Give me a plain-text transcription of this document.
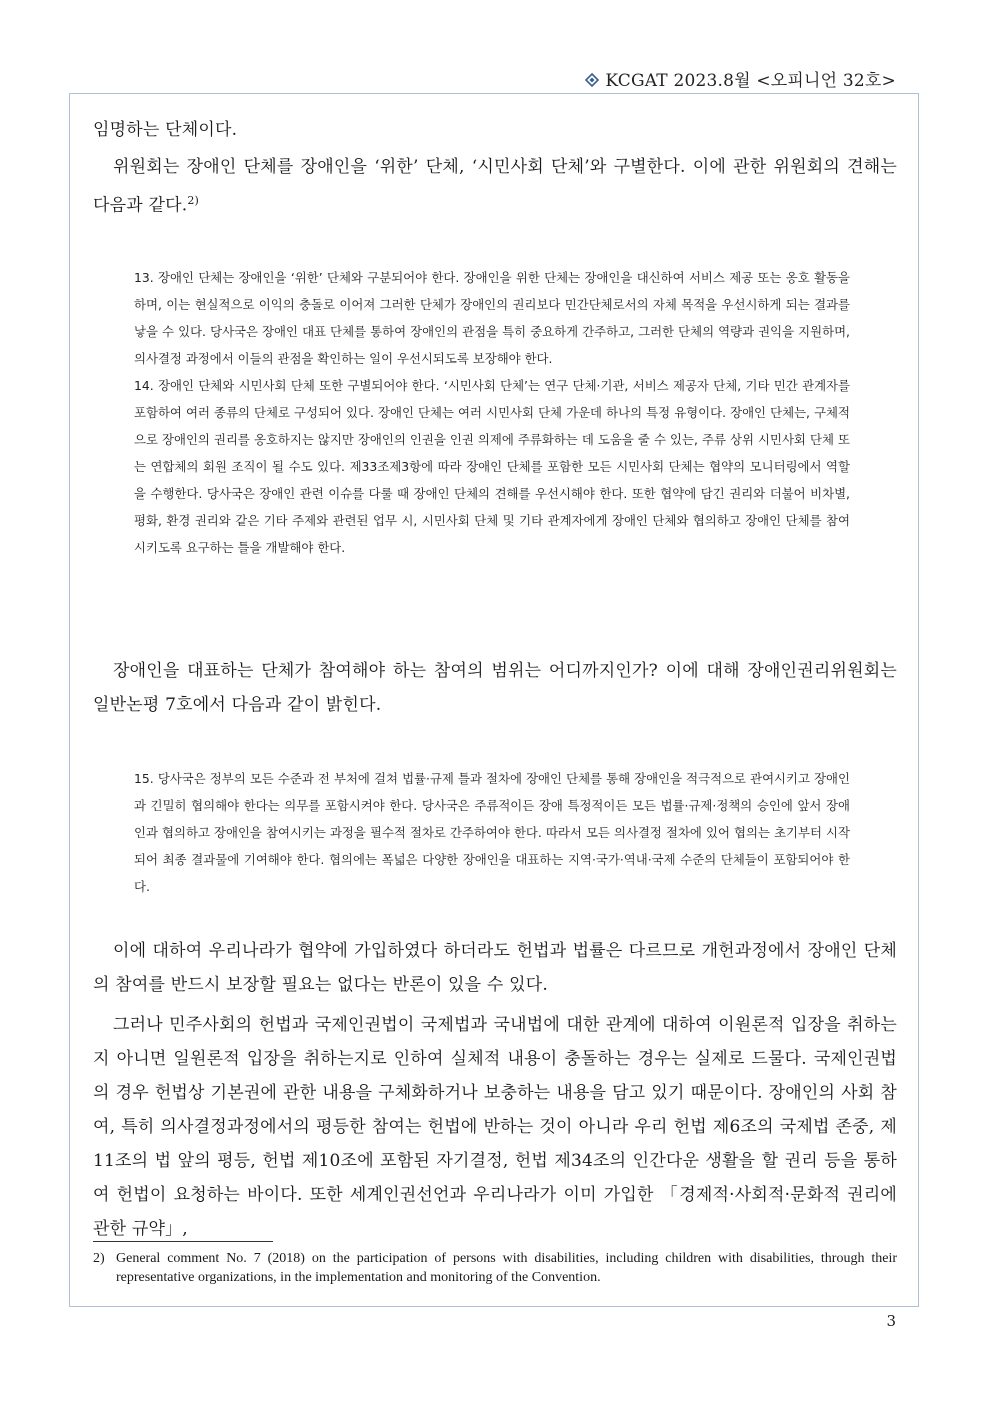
KCGAT 2023.8월 <오피니언 32호>

임명하는 단체이다.

위원회는 장애인 단체를 장애인을 ‘위한’ 단체, ‘시민사회 단체’와 구별한다. 이에 관한 위원회의 견해는 다음과 같다.$^{2)}$

13. 장애인 단체는 장애인을 ‘위한’ 단체와 구분되어야 한다. 장애인을 위한 단체는 장애인을 대신하여 서비스 제공 또는 옹호 활동을 하며, 이는 현실적으로 이익의 충돌로 이어져 그러한 단체가 장애인의 권리보다 민간단체로서의 자체 목적을 우선시하게 되는 결과를 낳을 수 있다. 당사국은 장애인 대표 단체를 통하여 장애인의 관점을 특히 중요하게 간주하고, 그러한 단체의 역량과 권익을 지원하며, 의사결정 과정에서 이들의 관점을 확인하는 일이 우선시되도록 보장해야 한다.

14. 장애인 단체와 시민사회 단체 또한 구별되어야 한다. ‘시민사회 단체’는 연구 단체·기관, 서비스 제공자 단체, 기타 민간 관계자를 포함하여 여러 종류의 단체로 구성되어 있다. 장애인 단체는 여러 시민사회 단체 가운데 하나의 특정 유형이다. 장애인 단체는, 구체적으로 장애인의 권리를 옹호하지는 않지만 장애인의 인권을 인권 의제에 주류화하는 데 도움을 줄 수 있는, 주류 상위 시민사회 단체 또는 연합체의 회원 조직이 될 수도 있다. 제33조제3항에 따라 장애인 단체를 포함한 모든 시민사회 단체는 협약의 모니터링에서 역할을 수행한다. 당사국은 장애인 관련 이슈를 다룰 때 장애인 단체의 견해를 우선시해야 한다. 또한 협약에 담긴 권리와 더불어 비차별, 평화, 환경 권리와 같은 기타 주제와 관련된 업무 시, 시민사회 단체 및 기타 관계자에게 장애인 단체와 협의하고 장애인 단체를 참여시키도록 요구하는 틀을 개발해야 한다.

장애인을 대표하는 단체가 참여해야 하는 참여의 범위는 어디까지인가? 이에 대해 장애인권리위원회는 일반논평 7호에서 다음과 같이 밝힌다.

15. 당사국은 정부의 모든 수준과 전 부처에 걸쳐 법률·규제 틀과 절차에 장애인 단체를 통해 장애인을 적극적으로 관여시키고 장애인과 긴밀히 협의해야 한다는 의무를 포함시켜야 한다. 당사국은 주류적이든 장애 특정적이든 모든 법률·규제·정책의 승인에 앞서 장애인과 협의하고 장애인을 참여시키는 과정을 필수적 절차로 간주하여야 한다. 따라서 모든 의사결정 절차에 있어 협의는 초기부터 시작되어 최종 결과물에 기여해야 한다. 협의에는 폭넓은 다양한 장애인을 대표하는 지역·국가·역내·국제 수준의 단체들이 포함되어야 한다.

이에 대하여 우리나라가 협약에 가입하였다 하더라도 헌법과 법률은 다르므로 개헌과정에서 장애인 단체의 참여를 반드시 보장할 필요는 없다는 반론이 있을 수 있다.

그러나 민주사회의 헌법과 국제인권법이 국제법과 국내법에 대한 관계에 대하여 이원론적 입장을 취하는지 아니면 일원론적 입장을 취하는지로 인하여 실체적 내용이 충돌하는 경우는 실제로 드물다. 국제인권법의 경우 헌법상 기본권에 관한 내용을 구체화하거나 보충하는 내용을 담고 있기 때문이다. 장애인의 사회 참여, 특히 의사결정과정에서의 평등한 참여는 헌법에 반하는 것이 아니라 우리 헌법 제6조의 국제법 존중, 제11조의 법 앞의 평등, 헌법 제10조에 포함된 자기결정, 헌법 제34조의 인간다운 생활을 할 권리 등을 통하여 헌법이 요청하는 바이다. 또한 세계인권선언과 우리나라가 이미 가입한 「경제적·사회적·문화적 권리에 관한 규약」,

2) General comment No. 7 (2018) on the participation of persons with disabilities, including children with disabilities, through their representative organizations, in the implementation and monitoring of the Convention.
3
